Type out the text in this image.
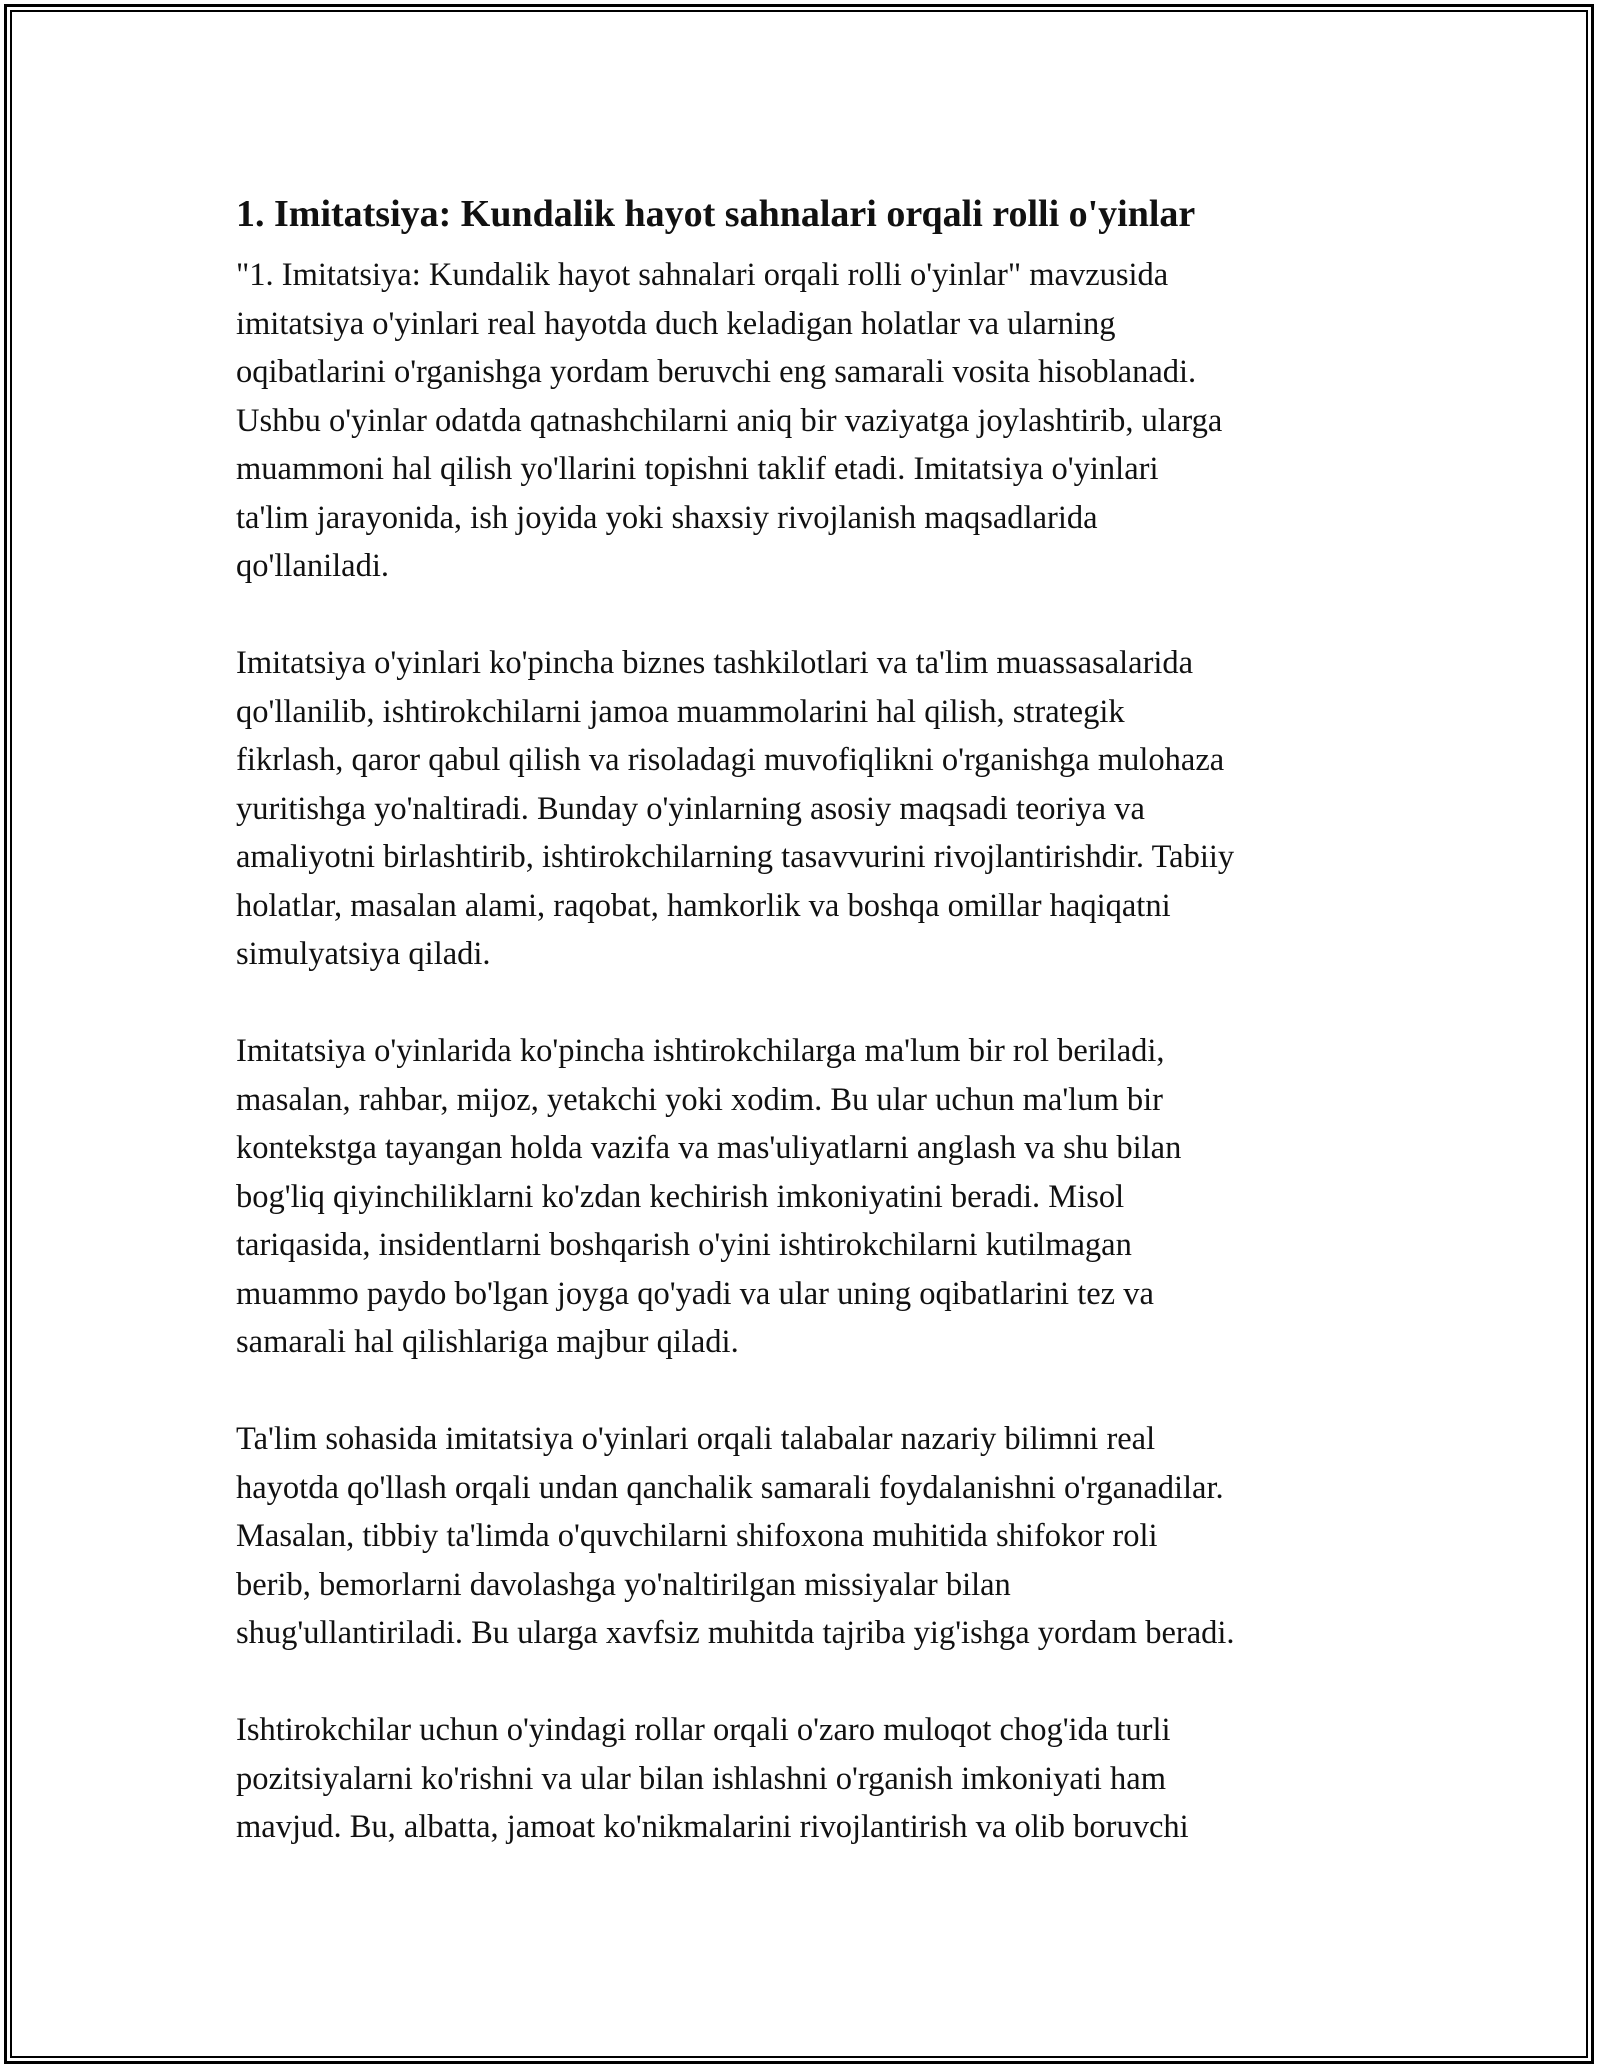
1. Imitatsiya: Kundalik hayot sahnalari orqali rolli o'yinlar
"1. Imitatsiya: Kundalik hayot sahnalari orqali rolli o'yinlar" mavzusida
imitatsiya o'yinlari real hayotda duch keladigan holatlar va ularning
oqibatlarini o'rganishga yordam beruvchi eng samarali vosita hisoblanadi.
Ushbu o'yinlar odatda qatnashchilarni aniq bir vaziyatga joylashtirib, ularga
muammoni hal qilish yo'llarini topishni taklif etadi. Imitatsiya o'yinlari
ta'lim jarayonida, ish joyida yoki shaxsiy rivojlanish maqsadlarida
qo'llaniladi.
Imitatsiya o'yinlari ko'pincha biznes tashkilotlari va ta'lim muassasalarida
qo'llanilib, ishtirokchilarni jamoa muammolarini hal qilish, strategik
fikrlash, qaror qabul qilish va risoladagi muvofiqlikni o'rganishga mulohaza
yuritishga yo'naltiradi. Bunday o'yinlarning asosiy maqsadi teoriya va
amaliyotni birlashtirib, ishtirokchilarning tasavvurini rivojlantirishdir. Tabiiy
holatlar, masalan alami, raqobat, hamkorlik va boshqa omillar haqiqatni
simulyatsiya qiladi.
Imitatsiya o'yinlarida ko'pincha ishtirokchilarga ma'lum bir rol beriladi,
masalan, rahbar, mijoz, yetakchi yoki xodim. Bu ular uchun ma'lum bir
kontekstga tayangan holda vazifa va mas'uliyatlarni anglash va shu bilan
bog'liq qiyinchiliklarni ko'zdan kechirish imkoniyatini beradi. Misol
tariqasida, insidentlarni boshqarish o'yini ishtirokchilarni kutilmagan
muammo paydo bo'lgan joyga qo'yadi va ular uning oqibatlarini tez va
samarali hal qilishlariga majbur qiladi.
Ta'lim sohasida imitatsiya o'yinlari orqali talabalar nazariy bilimni real
hayotda qo'llash orqali undan qanchalik samarali foydalanishni o'rganadilar.
Masalan, tibbiy ta'limda o'quvchilarni shifoxona muhitida shifokor roli
berib, bemorlarni davolashga yo'naltirilgan missiyalar bilan
shug'ullantiriladi. Bu ularga xavfsiz muhitda tajriba yig'ishga yordam beradi.
Ishtirokchilar uchun o'yindagi rollar orqali o'zaro muloqot chog'ida turli
pozitsiyalarni ko'rishni va ular bilan ishlashni o'rganish imkoniyati ham
mavjud. Bu, albatta, jamoat ko'nikmalarini rivojlantirish va olib boruvchi
